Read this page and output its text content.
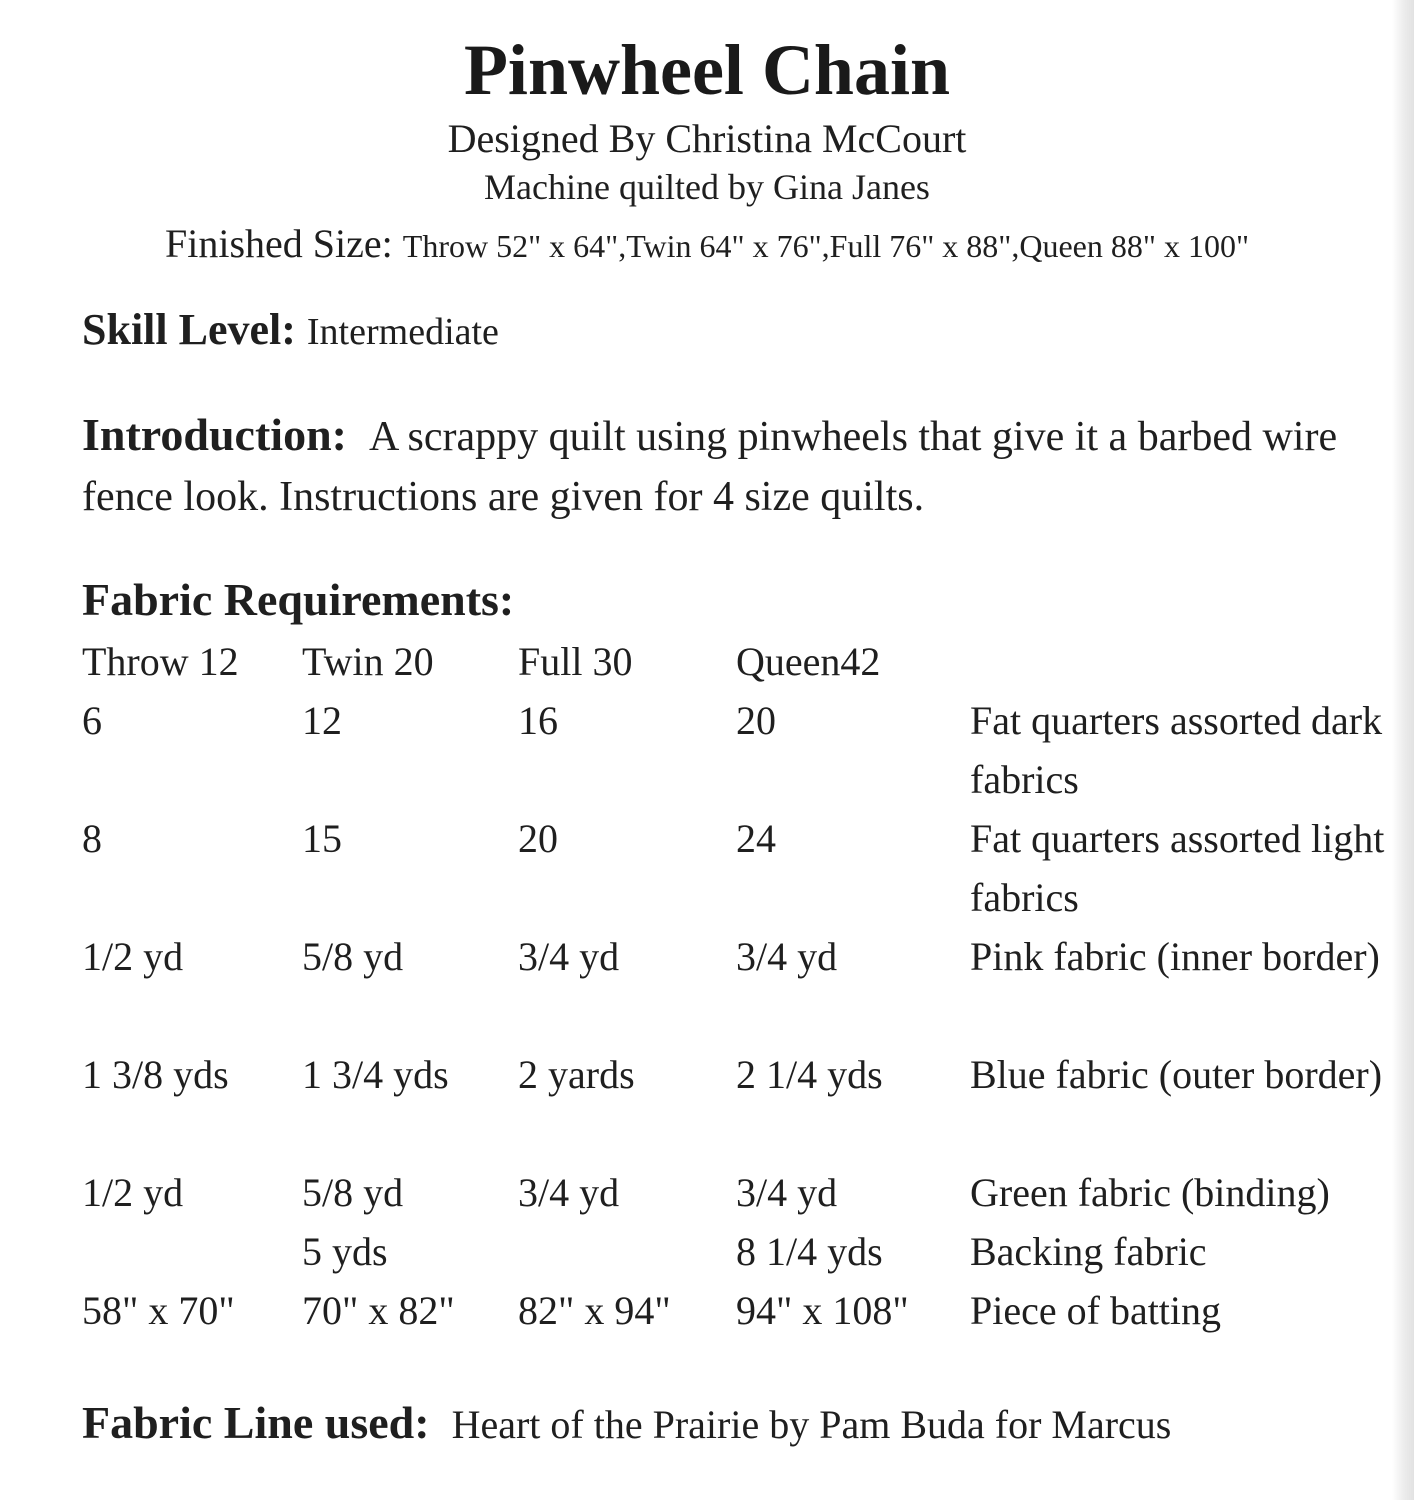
Pinwheel Chain
Designed By Christina McCourt
Machine quilted by Gina Janes
Finished Size: Throw 52" x 64",Twin 64" x 76",Full 76" x 88",Queen 88" x 100"
Skill Level: Intermediate
Introduction: A scrappy quilt using pinwheels that give it a barbed wire fence look. Instructions are given for 4 size quilts.
Fabric Requirements:
Throw 12 Twin 20 Full 30	Queen42
6	12	16	20	Fat quarters assorted dark fabrics
8	15	20	24	Fat quarters assorted light fabrics
1/2 yd	5/8 yd	3/4 yd	3/4 yd	Pink fabric (inner border)
1 3/8 yds 1 3/4 yds 2 yards	2 1/4 yds Blue fabric (outer border)
1/2 yd	5/8 yd	3/4 yd	3/4 yd	Green fabric (binding)
5 yds	8 1/4 yds Backing fabric
58" x 70" 70" x 82" 82" x 94" 94" x 108" Piece of batting
Fabric Line used: Heart of the Prairie by Pam Buda for Marcus
